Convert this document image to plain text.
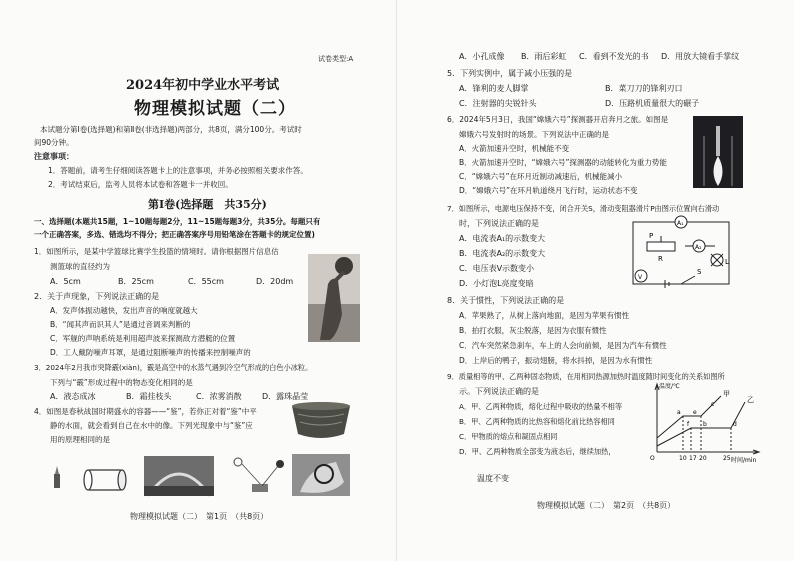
试卷类型:A
2024年初中学业水平考试
物理模拟试题（二）
本试题分第Ⅰ卷(选择题)和第Ⅱ卷(非选择题)两部分，共8页，满分100分。考试时
间90分钟。
注意事项：
1．答题前，请考生仔细阅读答题卡上的注意事项，并务必按照相关要求作答。
2．考试结束后，监考人员将本试卷和答题卡一并收回。
第Ⅰ卷(选择题　共35分)
一、选择题(本题共15题，1~10题每题2分，11~15题每题3分，共35分。每题只有
一个正确答案，多选、错选均不得分；把正确答案序号用铅笔涂在答题卡的规定位置)
1．如图所示，是某中学篮球比赛学生投篮的情境时。请你根据图片信息估
测篮球的直径约为
A．5cm	B．25cm	C．55cm	D．20dm
2．关于声现象，下列说法正确的是
A．发声体振动越快，发出声音的响度就越大
B．“闻其声而识其人”是通过音调来判断的
C．军舰的声呐系统是利用超声波来探测敌方潜艇的位置
D．工人戴防噪声耳罩，是通过阻断噪声的传播来控制噪声的
3．2024年2月我市突降霰(xiàn)，霰是高空中的水蒸气遇到冷空气形成的白色小冰粒。
下列与“霰”形成过程中的物态变化相同的是
A．液态成冰	B．霜挂枝头	C．浓雾消散	D．露珠晶莹
4．如图是春秋战国时期盛水的容器——“鉴”，若你正对着“鉴”中平
静的水面，就会看到自己在水中的像。下列光现象中与“鉴”应
用的原理相同的是
物理模拟试题（二）　第1页　（共8页）
A．小孔成像 B．雨后彩虹 C．看到不发光的书 D．用放大镜看手掌纹
5．下列实例中，属于减小压强的是
A．锋利的麦人脚掌	B．菜刀刀的锋利刃口
C．注射器的尖锐针头	D．压路机质量很大的碾子
6．2024年5月3日，我国“嫦娥六号”探测器开启奔月之旅。如图是
嫦娥六号发射时的场景。下列说法中正确的是
A．火箭加速升空时，机械能不变
B．火箭加速升空时，“嫦娥六号”探测器的动能转化为重力势能
C．“嫦娥六号”在环月近制动减速后，机械能减小
D．“嫦娥六号”在环月轨道绕月飞行时，运动状态不变
7．如图所示，电源电压保持不变，闭合开关S，滑动变阻器滑片P由图示位置向右滑动
时，下列说法正确的是
A．电流表A₁的示数变大
B．电流表A₂的示数变大
C．电压表V示数变小
D．小灯泡L亮度变暗
A₁
A₂
P
R	L
V
S
8．关于惯性，下列说法正确的是
A．苹果熟了，从树上落向地面，是因为苹果有惯性
B．拍打衣服，灰尘脱落，是因为衣服有惯性
C．汽车突然紧急刹车，车上的人会向前倾，是因为汽车有惯性
D．上岸后的鸭子，振动翅膀，将水抖掉，是因为水有惯性
9．质量相等的甲、乙两种固态物质，在用相同热源加热时温度随时间变化的关系如图所
示。下列说法正确的是
A．甲、乙两种物质，熔化过程中吸收的热量不相等
B．甲、乙两种物质的比热容和熔化前比热容相同
C．甲物质的熔点和凝固点相同
D．甲、乙两种物质全部变为液态后，继续加热，
温度不变
温度/℃
时间/min
甲
乙
a
b
c
d
e
f
O	10 17 20	25
物理模拟试题（二）　第2页　（共8页）
